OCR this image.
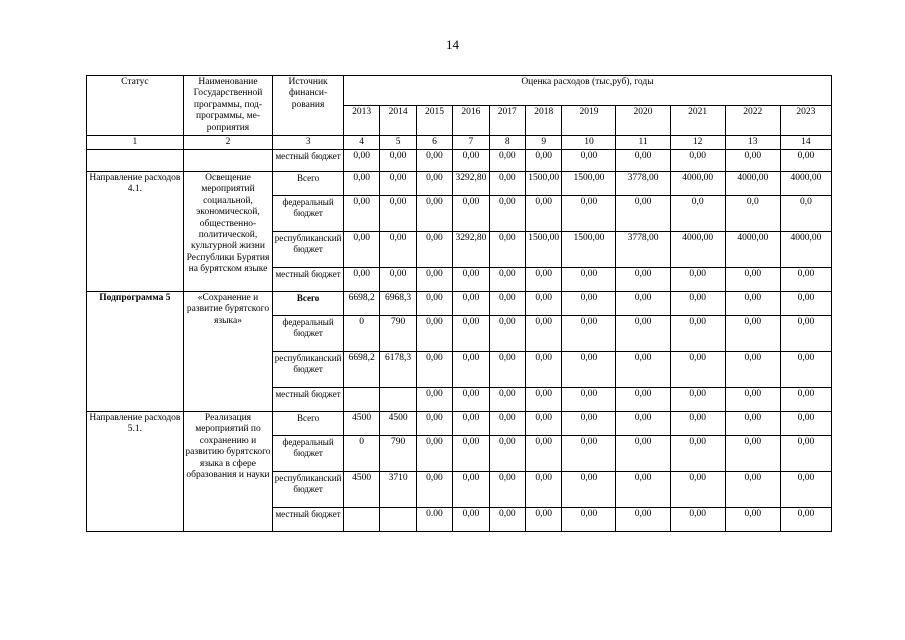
14
Статус	Наименование Государственной программы, под-программы, ме-роприятия	Источник финанси-рования	Оценка расходов (тыс,руб), годы										
			2013	2014	2015	2016	2017	2018	2019	2020	2021	2022	2023
1	2	3	4	5	6	7	8	9	10	11	12	13	14
		местный бюджет	0,00	0,00	0,00	0,00	0,00	0,00	0,00	0,00	0,00	0,00	0,00
Направление расходов 4.1.	Освещение мероприятий социальной, экономической, общественно-политической, культурной жизни Республики Бурятия на бурятском языке	Всего	0,00	0,00	0,00	3292,80	0,00	1500,00	1500,00	3778,00	4000,00	4000,00	4000,00
		федеральный бюджет	0,00	0,00	0,00	0,00	0,00	0,00	0,00	0,00	0,0	0,0	0,0
		республиканский бюджет	0,00	0,00	0,00	3292,80	0,00	1500,00	1500,00	3778,00	4000,00	4000,00	4000,00
		местный бюджет	0,00	0,00	0,00	0,00	0,00	0,00	0,00	0,00	0,00	0,00	0,00
Подпрограмма 5	«Сохранение и развитие бурятского языка»	Всего	6698,2	6968,3	0,00	0,00	0,00	0,00	0,00	0,00	0,00	0,00	0,00
		федеральный бюджет	0	790	0,00	0,00	0,00	0,00	0,00	0,00	0,00	0,00	0,00
		республиканский бюджет	6698,2	6178,3	0,00	0,00	0,00	0,00	0,00	0,00	0,00	0,00	0,00
		местный бюджет			0,00	0,00	0,00	0,00	0,00	0,00	0,00	0,00	0,00
Направление расходов 5.1.	Реализация мероприятий по сохранению и развитию бурятского языка в сфере образования и науки	Всего	4500	4500	0,00	0,00	0,00	0,00	0,00	0,00	0,00	0,00	0,00
		федеральный бюджет	0	790	0,00	0,00	0,00	0,00	0,00	0,00	0,00	0,00	0,00
		республиканский бюджет	4500	3710	0,00	0,00	0,00	0,00	0,00	0,00	0,00	0,00	0,00
		местный бюджет			0.00	0,00	0,00	0,00	0,00	0,00	0,00	0,00	0,00
